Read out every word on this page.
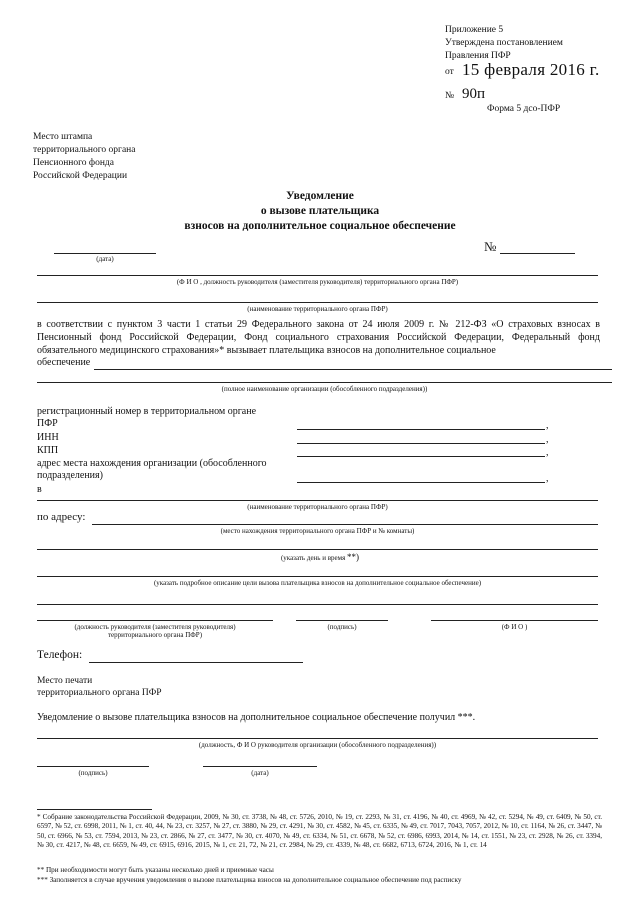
Приложение 5
Утверждена постановлением
Правления ПФР
от 15 февраля 2016 г.
№ 90п
Форма 5 дсо-ПФР
Место штампа
территориального органа
Пенсионного фонда
Российской Федерации
Уведомление
о вызове плательщика
взносов на дополнительное социальное обеспечение
(дата)
№
(Ф И О , должность руководителя (заместителя руководителя) территориального органа ПФР)
(наименование территориального органа ПФР)
в соответствии с пунктом 3 части 1 статьи 29 Федерального закона от 24 июля 2009 г. № 212-ФЗ «О страховых взносах в Пенсионный фонд Российской Федерации, Фонд социального страхования Российской Федерации, Федеральный фонд обязательного медицинского страхования»* вызывает плательщика взносов на дополнительное социальное
обеспечение
(полное наименование организации (обособленного подразделения))
регистрационный номер в территориальном органе
ПФР	,
ИНН	,
КПП	,
адрес места нахождения организации (обособленного
подразделения)	,
в
(наименование территориального органа ПФР)
по адресу:
(место нахождения территориального органа ПФР и № комнаты)
(указать день и время **)
(указать подробное описание цели вызова плательщика взносов на дополнительное социальное обеспечение)
(должность руководителя (заместителя руководителя)
территориального органа ПФР)
(подпись)	(Ф И О )
Телефон:
Место печати
территориального органа ПФР
Уведомление о вызове плательщика взносов на дополнительное социальное обеспечение получил ***.
(должность, Ф И О руководителя организации (обособленного подразделения))
(подпись)	(дата)
* Собрание законодательства Российской Федерации, 2009, № 30, ст. 3738, № 48, ст. 5726, 2010, № 19, ст. 2293, № 31, ст. 4196, № 40, ст. 4969, № 42, ст. 5294, № 49, ст. 6409, № 50, ст. 6597, № 52, ст. 6998, 2011, № 1, ст. 40, 44, № 23, ст. 3257, № 27, ст. 3880, № 29, ст. 4291, № 30, ст. 4582, № 45, ст. 6335, № 49, ст. 7017, 7043, 7057, 2012, № 10, ст. 1164, № 26, ст. 3447, № 50, ст. 6966, № 53, ст. 7594, 2013, № 23, ст. 2866, № 27, ст. 3477, № 30, ст. 4070, № 49, ст. 6334, № 51, ст. 6678, № 52, ст. 6986, 6993, 2014, № 14, ст. 1551, № 23, ст. 2928, № 26, ст. 3394, № 30, ст. 4217, № 48, ст. 6659, № 49, ст. 6915, 6916, 2015, № 1, ст. 21, 72, № 21, ст. 2984, № 29, ст. 4339, № 48, ст. 6682, 6713, 6724, 2016, № 1, ст. 14
** При необходимости могут быть указаны несколько дней и приемные часы
*** Заполняется в случае вручения уведомления о вызове плательщика взносов на дополнительное социальное обеспечение под расписку
